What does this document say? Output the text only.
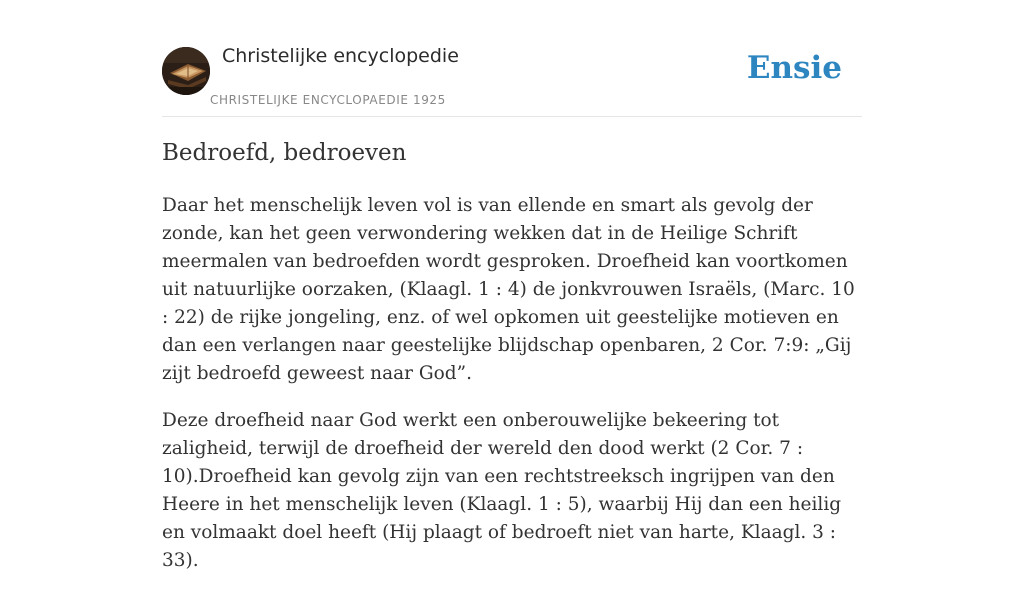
Christelijke encyclopedie
CHRISTELIJKE ENCYCLOPAEDIE 1925
Ensie
Bedroefd, bedroeven

Daar het menschelijk leven vol is van ellende en smart als gevolg der zonde, kan het geen verwondering wekken dat in de Heilige Schrift meermalen van bedroefden wordt gesproken. Droefheid kan voortkomen uit natuurlijke oorzaken, (Klaagl. 1 : 4) de jonkvrouwen Israëls, (Marc. 10 : 22) de rijke jongeling, enz. of wel opkomen uit geestelijke motieven en dan een verlangen naar geestelijke blijdschap openbaren, 2 Cor. 7:9: „Gij zijt bedroefd geweest naar God”.

Deze droefheid naar God werkt een onberouwelijke bekeering tot zaligheid, terwijl de droefheid der wereld den dood werkt (2 Cor. 7 : 10).Droefheid kan gevolg zijn van een rechtstreeksch ingrijpen van den Heere in het menschelijk leven (Klaagl. 1 : 5), waarbij Hij dan een heilig en volmaakt doel heeft (Hij plaagt of bedroeft niet van harte, Klaagl. 3 : 33).
